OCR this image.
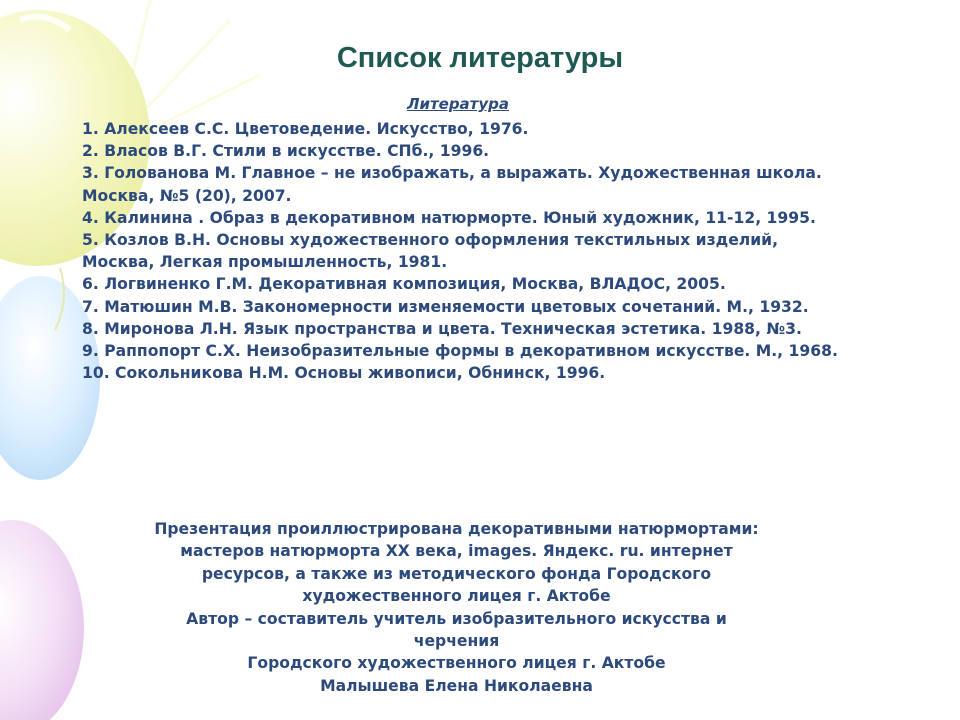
Список литературы
Литература
1. Алексеев С.С. Цветоведение. Искусство, 1976.
2. Власов В.Г. Стили в искусстве. СПб., 1996.
3. Голованова М. Главное – не изображать, а выражать. Художественная школа. Москва, №5 (20), 2007.
4. Калинина . Образ в декоративном натюрморте. Юный художник, 11-12, 1995.
5. Козлов В.Н. Основы художественного оформления текстильных изделий, Москва, Легкая промышленность, 1981.
6. Логвиненко Г.М. Декоративная композиция, Москва, ВЛАДОС, 2005.
7. Матюшин М.В. Закономерности изменяемости цветовых сочетаний. М., 1932.
8. Миронова Л.Н. Язык пространства и цвета. Техническая эстетика. 1988, №3.
9. Раппопорт С.Х. Неизобразительные формы в декоративном искусстве. М., 1968.
10. Сокольникова Н.М. Основы живописи, Обнинск, 1996.
Презентация проиллюстрирована декоративными натюрмортами:
мастеров натюрморта XX века, images. Яндекс. ru. интернет
ресурсов, а также из методического фонда Городского
художественного лицея г. Актобе
Автор – составитель учитель изобразительного искусства и
черчения
Городского художественного лицея г. Актобе
Малышева Елена Николаевна
